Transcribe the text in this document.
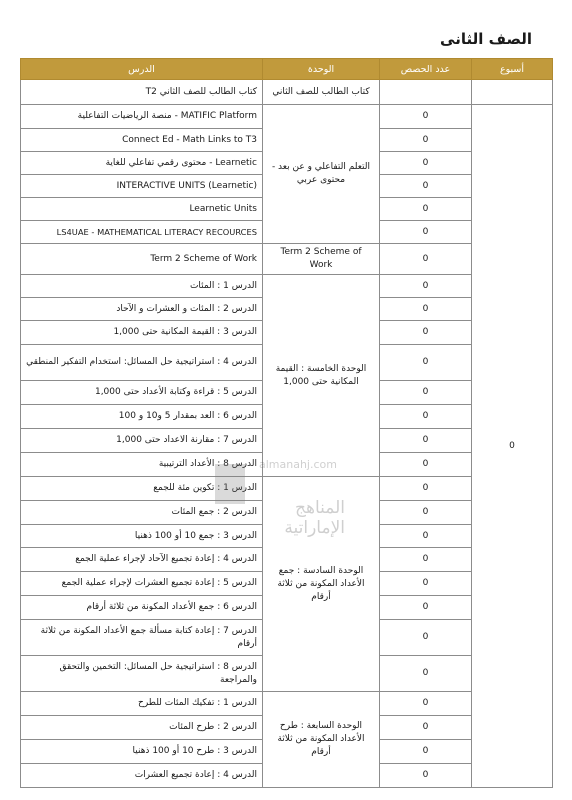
الصف الثانى
أسبوع	عدد الحصص	الوحدة	الدرس
		كتاب الطالب للصف الثاني	كتاب الطالب للصف الثاني T2
0	0	التعلم التفاعلي و عن بعد - محتوى عربي	MATIFIC Platform - منصة الرياضيات التفاعلية
	0		Connect Ed - Math Links to T3
	0		Learnetic - محتوى رقمي تفاعلي للغاية
	0		(INTERACTIVE UNITS (Learnetic
	0		Learnetic Units
	0		LS4UAE - MATHEMATICAL LITERACY RECOURCES
	0	Term 2 Scheme of Work	Term 2 Scheme of Work
	0	الوحدة الخامسة : القيمة المكانية حتى 1,000	الدرس 1 : المئات
	0		الدرس 2 : المئات و العشرات و الآحاد
	0		الدرس 3 : القيمة المكانية حتى 1,000
	0		الدرس 4 : استراتيجية حل المسائل: استخدام التفكير المنطقي
	0		الدرس 5 : قراءة وكتابة الأعداد حتى 1,000
	0		الدرس 6 : العد بمقدار 5 و10 و 100
	0		الدرس 7 : مقارنة الاعداد حتى 1,000
	0		الدرس 8 : الأعداد الترتيبية
	0	الوحدة السادسة : جمع الأعداد المكونة من ثلاثة أرقام	الدرس 1 : تكوين مئة للجمع
	0		الدرس 2 : جمع المئات
	0		الدرس 3 : جمع 10 أو 100 ذهنيا
	0		الدرس 4 : إعادة تجميع الآحاد لإجراء عملية الجمع
	0		الدرس 5 : إعادة تجميع العشرات لإجراء عملية الجمع
	0		الدرس 6 : جمع الأعداد المكونة من ثلاثة أرقام
	0		الدرس 7 : إعادة كتابة مسألة جمع الأعداد المكونة من ثلاثة أرقام
	0		الدرس 8 : استراتيجية حل المسائل: التخمين والتحقق والمراجعة
	0	الوحدة السابعة : طرح الأعداد المكونة من ثلاثة أرقام	الدرس 1 : تفكيك المئات للطرح
	0		الدرس 2 : طرح المئات
	0		الدرس 3 : طرح 10 أو 100 ذهنيا
	0		الدرس 4 : إعادة تجميع العشرات
almanahj.com
المناهج الإماراتية
